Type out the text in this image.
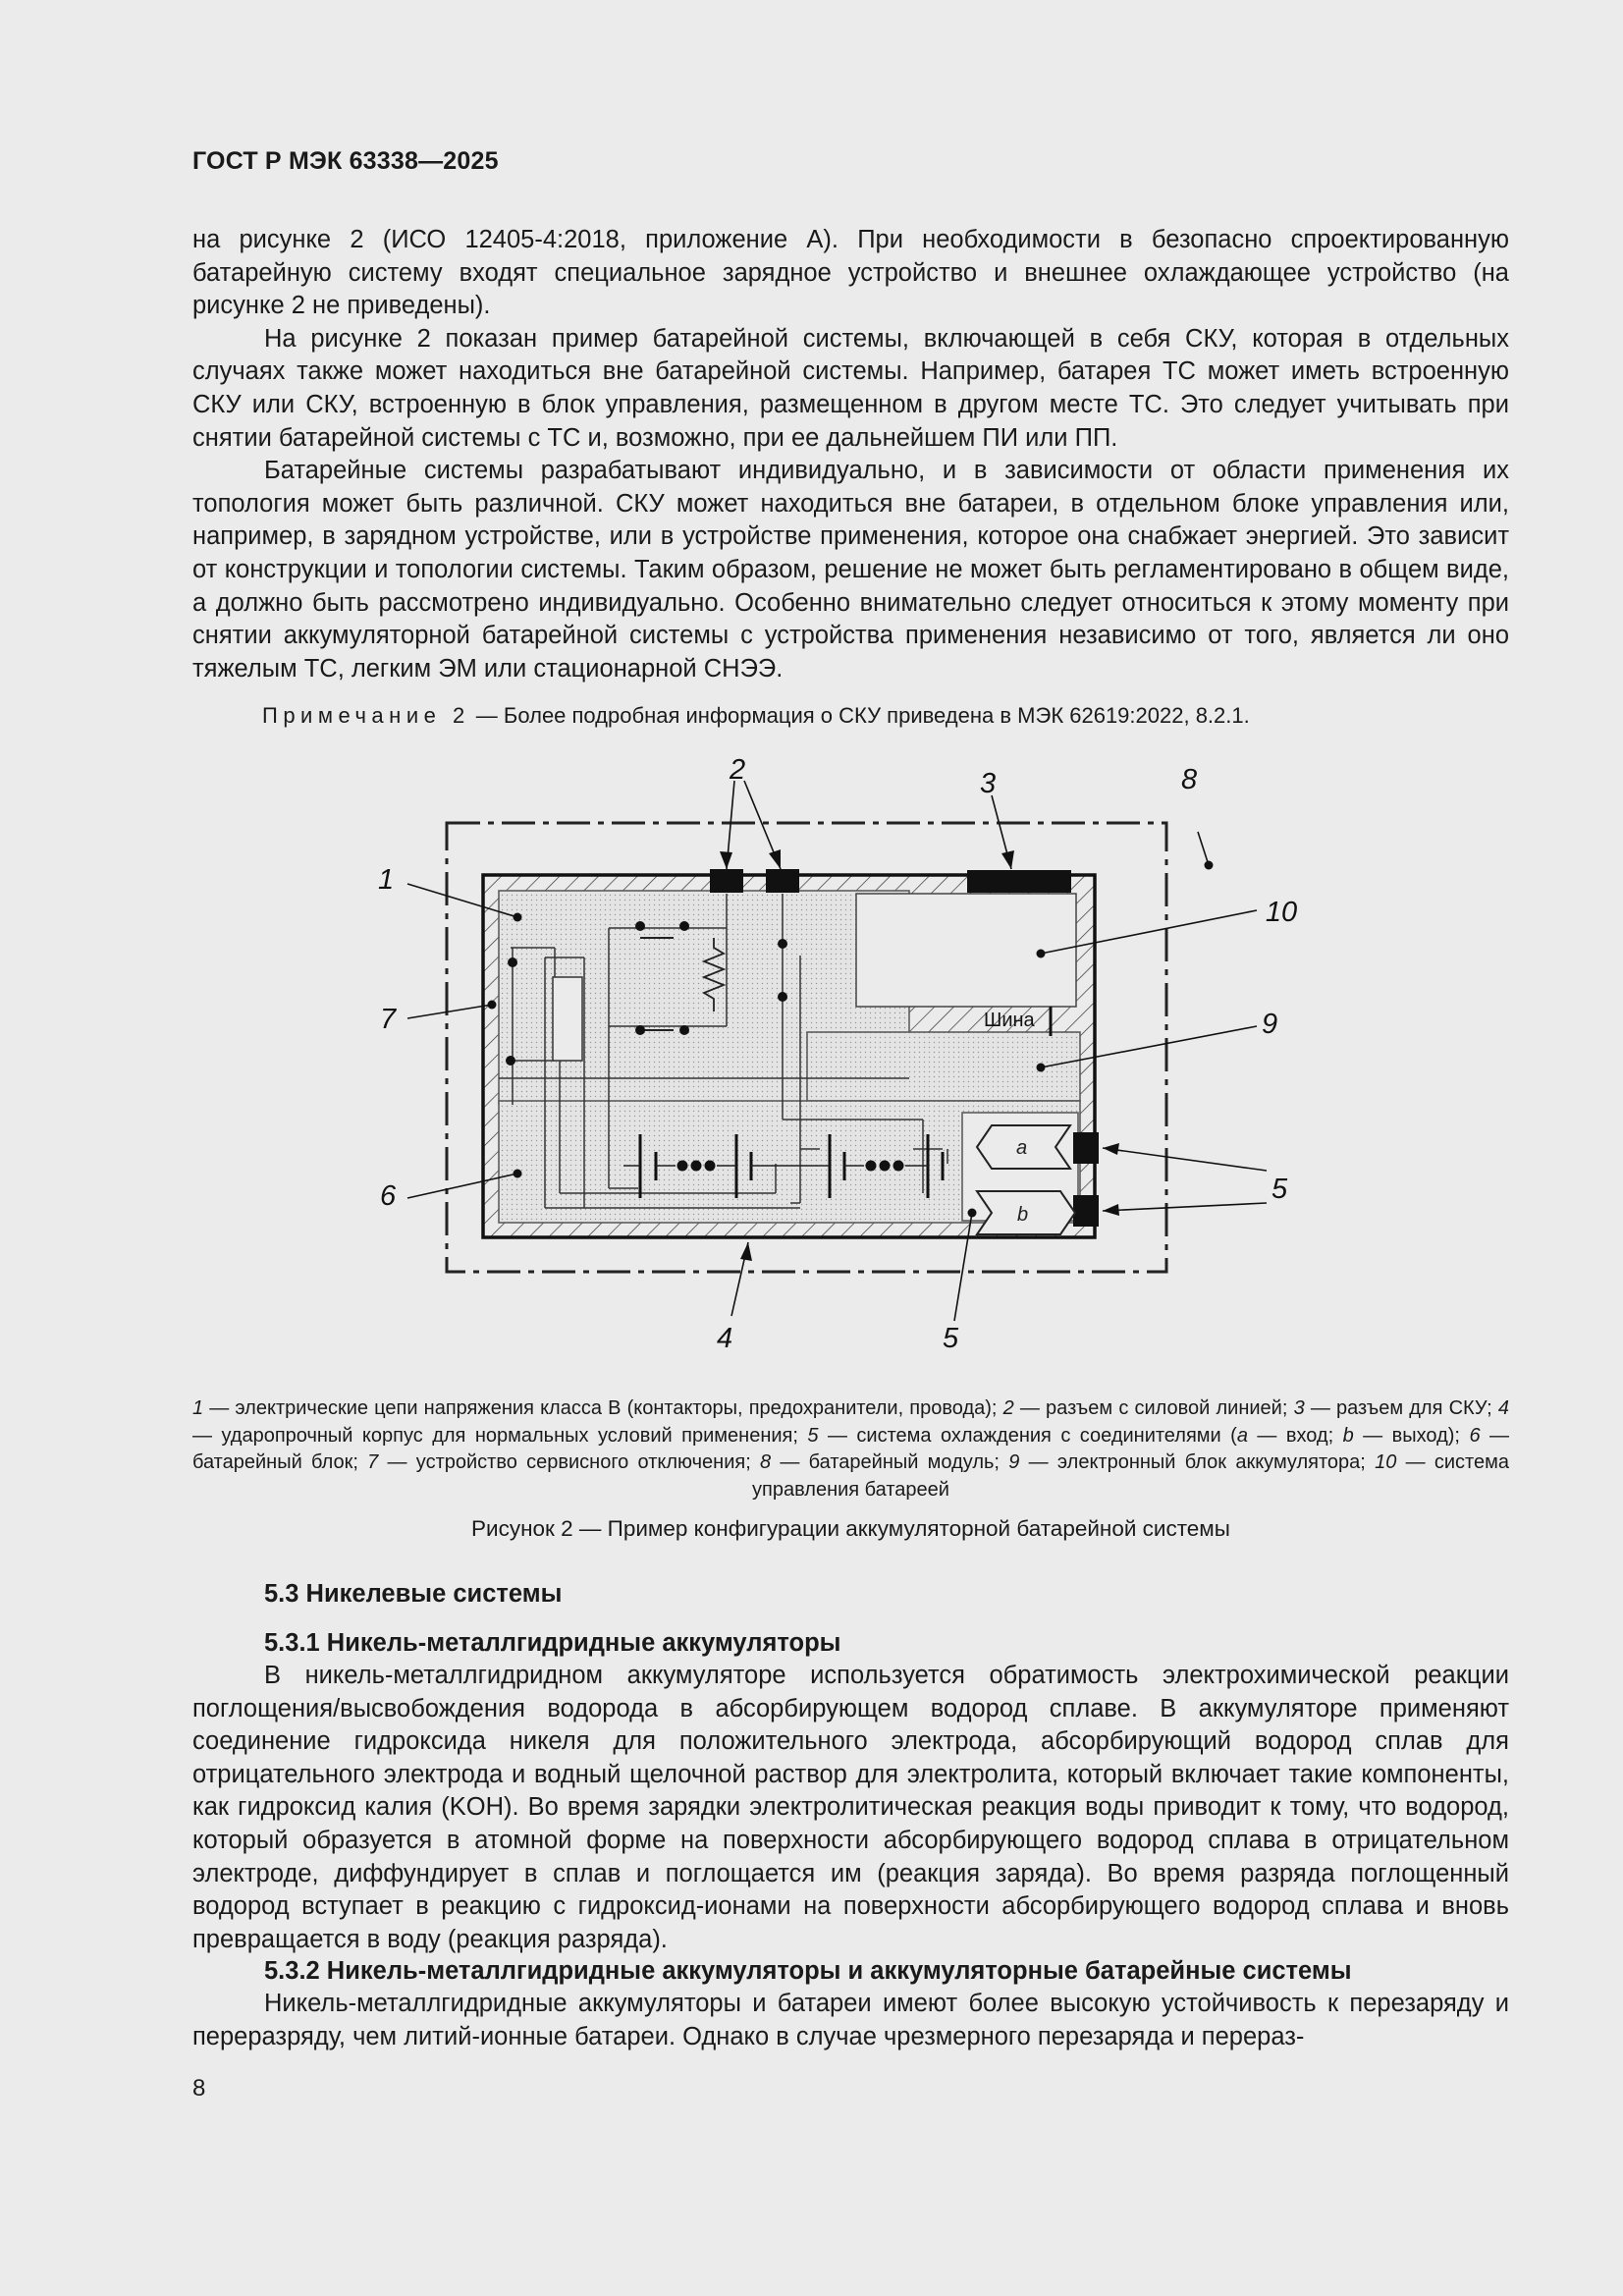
ГОСТ Р МЭК 63338—2025

на рисунке 2 (ИСО 12405-4:2018, приложение А). При необходимости в безопасно спроектированную батарейную систему входят специальное зарядное устройство и внешнее охлаждающее устройство (на рисунке 2 не приведены).

На рисунке 2 показан пример батарейной системы, включающей в себя СКУ, которая в отдельных случаях также может находиться вне батарейной системы. Например, батарея ТС может иметь встроенную СКУ или СКУ, встроенную в блок управления, размещенном в другом месте ТС. Это следует учитывать при снятии батарейной системы с ТС и, возможно, при ее дальнейшем ПИ или ПП.

Батарейные системы разрабатывают индивидуально, и в зависимости от области применения их топология может быть различной. СКУ может находиться вне батареи, в отдельном блоке управления или, например, в зарядном устройстве, или в устройстве применения, которое она снабжает энергией. Это зависит от конструкции и топологии системы. Таким образом, решение не может быть регламентировано в общем виде, а должно быть рассмотрено индивидуально. Особенно внимательно следует относиться к этому моменту при снятии аккумуляторной батарейной системы с устройства применения независимо от того, является ли оно тяжелым ТС, легким ЭМ или стационарной СНЭЭ.

Примечание 2 — Более подробная информация о СКУ приведена в МЭК 62619:2022, 8.2.1.
Шина
a
b
1
2	3
4
5
5
6
7
8
9
10
1 — электрические цепи напряжения класса В (контакторы, предохранители, провода); 2 — разъем с силовой линией; 3 — разъем для СКУ; 4 — ударопрочный корпус для нормальных условий применения; 5 — система охлаждения с соединителями (a — вход; b — выход); 6 — батарейный блок; 7 — устройство сервисного отключения; 8 — батарейный модуль; 9 — электронный блок аккумулятора; 10 — система управления батареей
Рисунок 2 — Пример конфигурации аккумуляторной батарейной системы
5.3 Никелевые системы
5.3.1 Никель-металлгидридные аккумуляторы

В никель-металлгидридном аккумуляторе используется обратимость электрохимической реакции поглощения/высвобождения водорода в абсорбирующем водород сплаве. В аккумуляторе применяют соединение гидроксида никеля для положительного электрода, абсорбирующий водород сплав для отрицательного электрода и водный щелочной раствор для электролита, который включает такие компоненты, как гидроксид калия (KOH). Во время зарядки электролитическая реакция воды приводит к тому, что водород, который образуется в атомной форме на поверхности абсорбирующего водород сплава в отрицательном электроде, диффундирует в сплав и поглощается им (реакция заряда). Во время разряда поглощенный водород вступает в реакцию с гидроксид-ионами на поверхности абсорбирующего водород сплава и вновь превращается в воду (реакция разряда).

5.3.2 Никель-металлгидридные аккумуляторы и аккумуляторные батарейные системы

Никель-металлгидридные аккумуляторы и батареи имеют более высокую устойчивость к перезаряду и переразряду, чем литий-ионные батареи. Однако в случае чрезмерного перезаряда и перераз-

8
